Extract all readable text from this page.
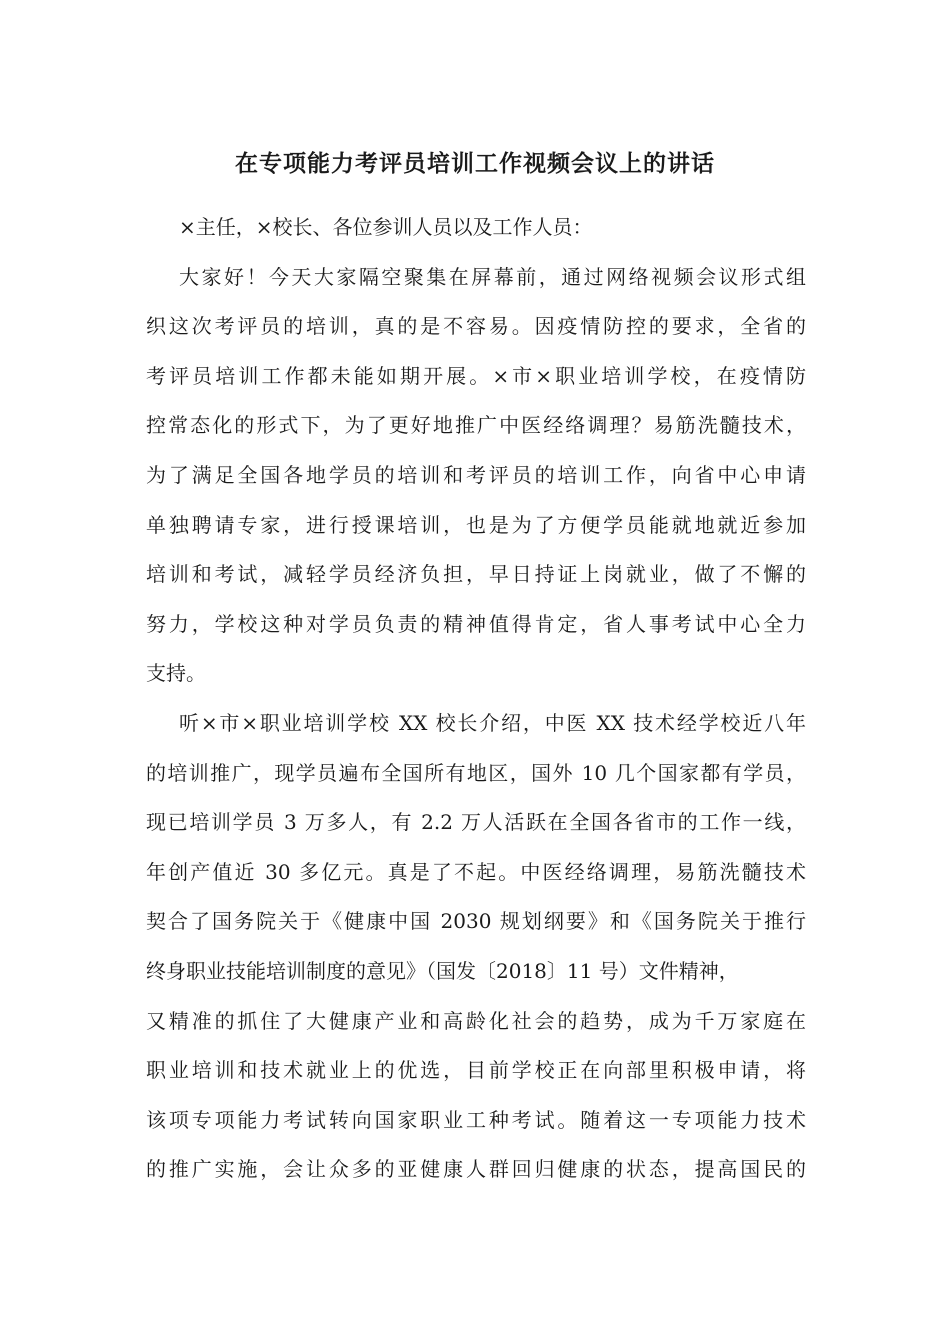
在专项能力考评员培训工作视频会议上的讲话
×主任，×校长、各位参训人员以及工作人员：
大家好！今天大家隔空聚集在屏幕前，通过网络视频会议形式组
织这次考评员的培训，真的是不容易。因疫情防控的要求，全省的
考评员培训工作都未能如期开展。×市×职业培训学校，在疫情防
控常态化的形式下，为了更好地推广中医经络调理？易筋洗髓技术，
为了满足全国各地学员的培训和考评员的培训工作，向省中心申请
单独聘请专家，进行授课培训，也是为了方便学员能就地就近参加
培训和考试，减轻学员经济负担，早日持证上岗就业，做了不懈的
努力，学校这种对学员负责的精神值得肯定，省人事考试中心全力
支持。
听×市×职业培训学校 XX 校长介绍，中医 XX 技术经学校近八年
的培训推广，现学员遍布全国所有地区，国外 10 几个国家都有学员，
现已培训学员 3 万多人，有 2.2 万人活跃在全国各省市的工作一线，
年创产值近 30 多亿元。真是了不起。中医经络调理，易筋洗髓技术
契合了国务院关于《健康中国 2030 规划纲要》和《国务院关于推行
终身职业技能培训制度的意见》（国发〔2018〕11 号）文件精神，
又精准的抓住了大健康产业和高龄化社会的趋势，成为千万家庭在
职业培训和技术就业上的优选，目前学校正在向部里积极申请，将
该项专项能力考试转向国家职业工种考试。随着这一专项能力技术
的推广实施，会让众多的亚健康人群回归健康的状态，提高国民的
